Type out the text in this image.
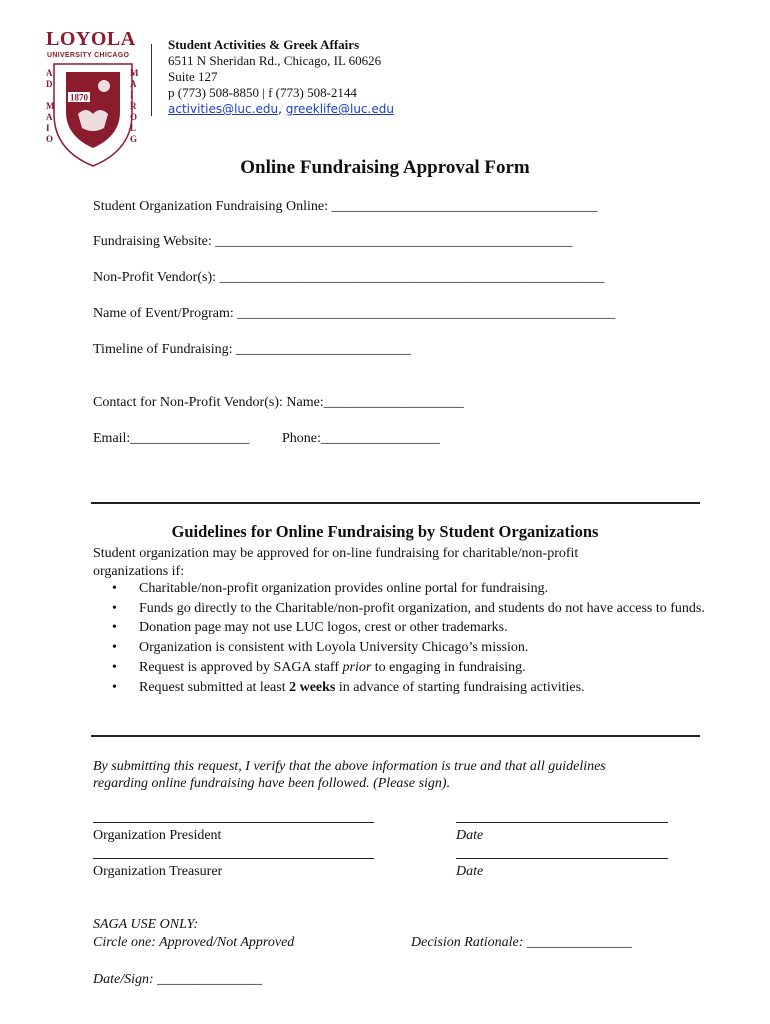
LOYOLA
UNIVERSITY CHICAGO
1870
A
D

M
A
I
O
M
A
I
R
O
L
G
Student Activities & Greek Affairs
6511 N Sheridan Rd., Chicago, IL 60626
Suite 127
p (773) 508-8850 | f (773) 508-2144
activities@luc.edu, greeklife@luc.edu
Online Fundraising Approval Form
Student Organization Fundraising Online: ______________________________________
Fundraising Website: ___________________________________________________
Non-Profit Vendor(s): _______________________________________________________
Name of Event/Program: ______________________________________________________
Timeline of Fundraising: _________________________
Contact for Non-Profit Vendor(s): Name:____________________
Email:_________________ Phone:_________________
Guidelines for Online Fundraising by Student Organizations
Student organization may be approved for on-line fundraising for charitable/non-profit
organizations if:
• Charitable/non-profit organization provides online portal for fundraising.
• Funds go directly to the Charitable/non-profit organization, and students do not have access to funds.
• Donation page may not use LUC logos, crest or other trademarks.
• Organization is consistent with Loyola University Chicago’s mission.
• Request is approved by SAGA staff prior to engaging in fundraising.
• Request submitted at least 2 weeks in advance of starting fundraising activities.
By submitting this request, I verify that the above information is true and that all guidelines
regarding online fundraising have been followed. (Please sign).
Organization President	Date
Organization Treasurer	Date
SAGA USE ONLY:
Circle one: Approved/Not Approved	Decision Rationale: _______________
Date/Sign: _______________
